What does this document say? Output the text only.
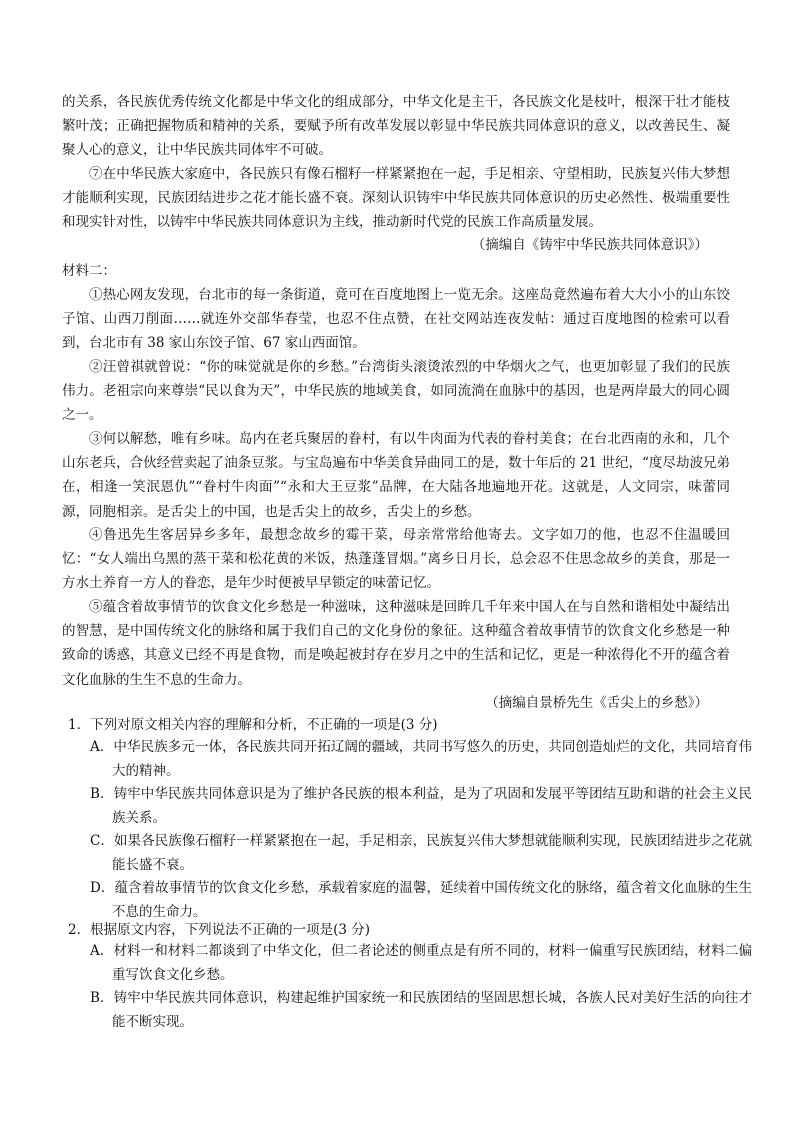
的关系，各民族优秀传统文化都是中华文化的组成部分，中华文化是主干，各民族文化是枝叶，根深干壮才能枝繁叶茂；正确把握物质和精神的关系，要赋予所有改革发展以彰显中华民族共同体意识的意义，以改善民生、凝聚人心的意义，让中华民族共同体牢不可破。

⑦在中华民族大家庭中，各民族只有像石榴籽一样紧紧抱在一起，手足相亲、守望相助，民族复兴伟大梦想才能顺利实现，民族团结进步之花才能长盛不衰。深刻认识铸牢中华民族共同体意识的历史必然性、极端重要性和现实针对性，以铸牢中华民族共同体意识为主线，推动新时代党的民族工作高质量发展。

（摘编自《铸牢中华民族共同体意识》）
材料二：

①热心网友发现，台北市的每一条街道，竟可在百度地图上一览无余。这座岛竟然遍布着大大小小的山东饺子馆、山西刀削面……就连外交部华春莹，也忍不住点赞，在社交网站连夜发帖：通过百度地图的检索可以看到，台北市有 38 家山东饺子馆、67 家山西面馆。

②汪曾祺就曾说：“你的味觉就是你的乡愁。”台湾街头滚烫浓烈的中华烟火之气，也更加彰显了我们的民族伟力。老祖宗向来尊崇“民以食为天”，中华民族的地域美食，如同流淌在血脉中的基因，也是两岸最大的同心圆之一。

③何以解愁，唯有乡味。岛内在老兵聚居的眷村，有以牛肉面为代表的眷村美食；在台北西南的永和，几个山东老兵，合伙经营卖起了油条豆浆。与宝岛遍布中华美食异曲同工的是，数十年后的 21 世纪，“度尽劫波兄弟在，相逢一笑泯恩仇”“眷村牛肉面”“永和大王豆浆”品牌，在大陆各地遍地开花。这就是，人文同宗，味蕾同源，同胞相亲。是舌尖上的中国，也是舌尖上的故乡，舌尖上的乡愁。

④鲁迅先生客居异乡多年，最想念故乡的霉干菜，母亲常常给他寄去。文字如刀的他，也忍不住温暖回忆：“女人端出乌黑的蒸干菜和松花黄的米饭，热蓬蓬冒烟。”离乡日月长，总会忍不住思念故乡的美食，那是一方水土养育一方人的眷恋，是年少时便被早早锁定的味蕾记忆。

⑤蕴含着故事情节的饮食文化乡愁是一种滋味，这种滋味是回眸几千年来中国人在与自然和谐相处中凝结出的智慧，是中国传统文化的脉络和属于我们自己的文化身份的象征。这种蕴含着故事情节的饮食文化乡愁是一种致命的诱惑，其意义已经不再是食物，而是唤起被封存在岁月之中的生活和记忆，更是一种浓得化不开的蕴含着文化血脉的生生不息的生命力。

（摘编自景桥先生《舌尖上的乡愁》）
1．下列对原文相关内容的理解和分析，不正确的一项是(3 分)
A．中华民族多元一体，各民族共同开拓辽阔的疆域，共同书写悠久的历史，共同创造灿烂的文化，共同培育伟大的精神。
B．铸牢中华民族共同体意识是为了维护各民族的根本利益，是为了巩固和发展平等团结互助和谐的社会主义民族关系。
C．如果各民族像石榴籽一样紧紧抱在一起，手足相亲，民族复兴伟大梦想就能顺利实现，民族团结进步之花就能长盛不衰。
D．蕴含着故事情节的饮食文化乡愁，承载着家庭的温馨，延续着中国传统文化的脉络，蕴含着文化血脉的生生不息的生命力。
2．根据原文内容，下列说法不正确的一项是(3 分)
A．材料一和材料二都谈到了中华文化，但二者论述的侧重点是有所不同的，材料一偏重写民族团结，材料二偏重写饮食文化乡愁。
B．铸牢中华民族共同体意识，构建起维护国家统一和民族团结的坚固思想长城，各族人民对美好生活的向往才能不断实现。
